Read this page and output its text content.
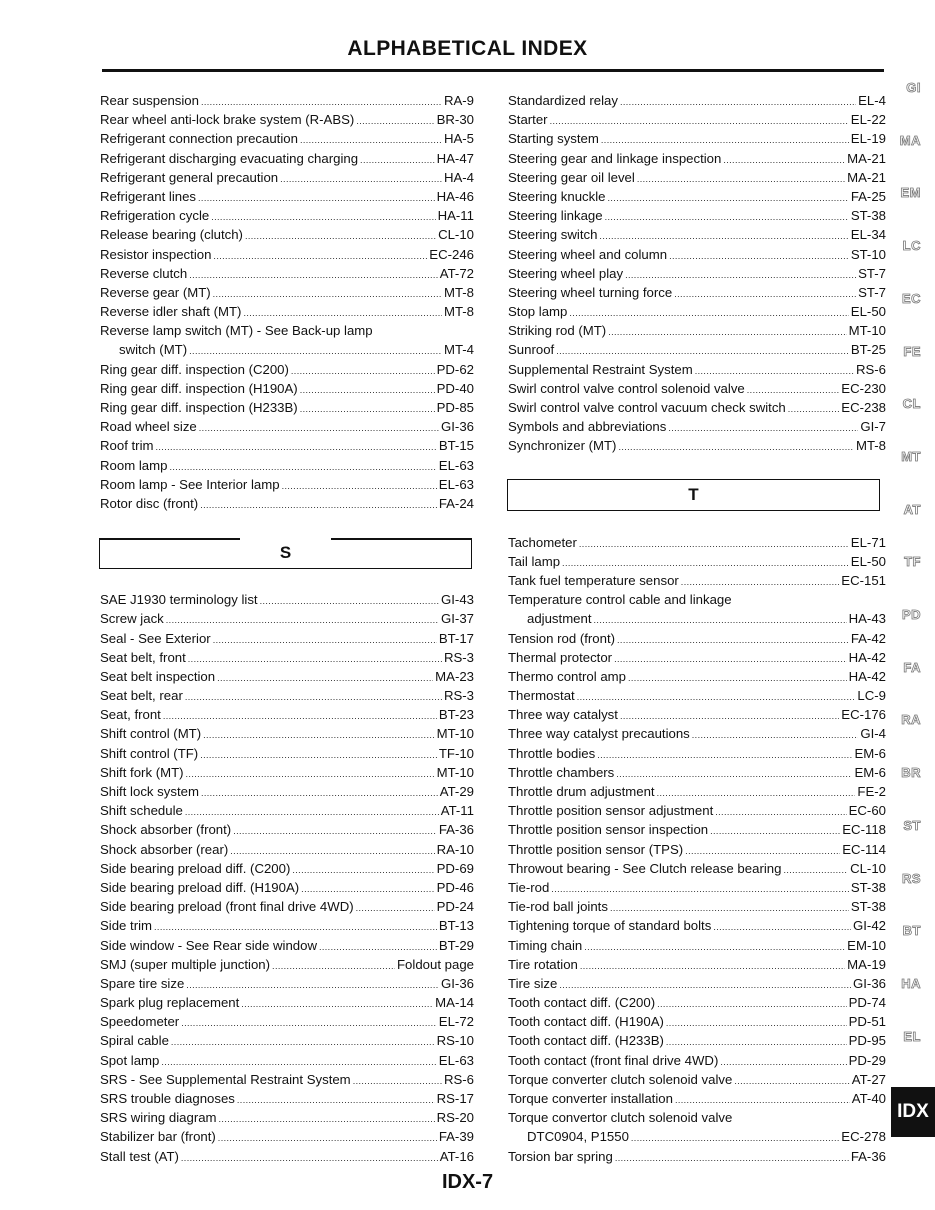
ALPHABETICAL INDEX
Rear suspension .....	RA-9
Rear wheel anti-lock brake system (R-ABS) .....	BR-30
Refrigerant connection precaution .....	HA-5
Refrigerant discharging evacuating charging .....	HA-47
Refrigerant general precaution .....	HA-4
Refrigerant lines .....	HA-46
Refrigeration cycle .....	HA-11
Release bearing (clutch) .....	CL-10
Resistor inspection .....	EC-246
Reverse clutch .....	AT-72
Reverse gear (MT) .....	MT-8
Reverse idler shaft (MT) .....	MT-8
Reverse lamp switch (MT) - See Back-up lamp
switch (MT) .....	MT-4
Ring gear diff. inspection (C200) .....	PD-62
Ring gear diff. inspection (H190A) .....	PD-40
Ring gear diff. inspection (H233B) .....	PD-85
Road wheel size .....	GI-36
Roof trim .....	BT-15
Room lamp .....	EL-63
Room lamp - See Interior lamp .....	EL-63
Rotor disc (front) .....	FA-24
SAE J1930 terminology list .....	GI-43
Screw jack .....	GI-37
Seal - See Exterior .....	BT-17
Seat belt, front .....	RS-3
Seat belt inspection .....	MA-23
Seat belt, rear .....	RS-3
Seat, front .....	BT-23
Shift control (MT) .....	MT-10
Shift control (TF) .....	TF-10
Shift fork (MT) .....	MT-10
Shift lock system .....	AT-29
Shift schedule .....	AT-11
Shock absorber (front) .....	FA-36
Shock absorber (rear) .....	RA-10
Side bearing preload diff. (C200) .....	PD-69
Side bearing preload diff. (H190A) .....	PD-46
Side bearing preload (front final drive 4WD) .....	PD-24
Side trim .....	BT-13
Side window - See Rear side window .....	BT-29
SMJ (super multiple junction) .....	Foldout page
Spare tire size .....	GI-36
Spark plug replacement .....	MA-14
Speedometer .....	EL-72
Spiral cable .....	RS-10
Spot lamp .....	EL-63
SRS - See Supplemental Restraint System .....	RS-6
SRS trouble diagnoses .....	RS-17
SRS wiring diagram .....	RS-20
Stabilizer bar (front) .....	FA-39
Stall test (AT) .....	AT-16
Standardized relay .....	EL-4
Starter .....	EL-22
Starting system .....	EL-19
Steering gear and linkage inspection .....	MA-21
Steering gear oil level .....	MA-21
Steering knuckle .....	FA-25
Steering linkage .....	ST-38
Steering switch .....	EL-34
Steering wheel and column .....	ST-10
Steering wheel play .....	ST-7
Steering wheel turning force .....	ST-7
Stop lamp .....	EL-50
Striking rod (MT) .....	MT-10
Sunroof .....	BT-25
Supplemental Restraint System .....	RS-6
Swirl control valve control solenoid valve .....	EC-230
Swirl control valve control vacuum check switch .....	EC-238
Symbols and abbreviations .....	GI-7
Synchronizer (MT) .....	MT-8
Tachometer .....	EL-71
Tail lamp .....	EL-50
Tank fuel temperature sensor .....	EC-151
Temperature control cable and linkage
adjustment .....	HA-43
Tension rod (front) .....	FA-42
Thermal protector .....	HA-42
Thermo control amp .....	HA-42
Thermostat .....	LC-9
Three way catalyst .....	EC-176
Three way catalyst precautions .....	GI-4
Throttle bodies .....	EM-6
Throttle chambers .....	EM-6
Throttle drum adjustment .....	FE-2
Throttle position sensor adjustment .....	EC-60
Throttle position sensor inspection .....	EC-118
Throttle position sensor (TPS) .....	EC-114
Throwout bearing - See Clutch release bearing .....	CL-10
Tie-rod .....	ST-38
Tie-rod ball joints .....	ST-38
Tightening torque of standard bolts .....	GI-42
Timing chain .....	EM-10
Tire rotation .....	MA-19
Tire size .....	GI-36
Tooth contact diff. (C200) .....	PD-74
Tooth contact diff. (H190A) .....	PD-51
Tooth contact diff. (H233B) .....	PD-95
Tooth contact (front final drive 4WD) .....	PD-29
Torque converter clutch solenoid valve .....	AT-27
Torque converter installation .....	AT-40
Torque convertor clutch solenoid valve
DTC0904, P1550 .....	EC-278
Torsion bar spring .....	FA-36
S
T
GI
MA
EM
LC
EC
FE
CL
MT
AT
TF
PD
FA
RA
BR
ST
RS
BT
HA
EL
IDX
IDX-7
